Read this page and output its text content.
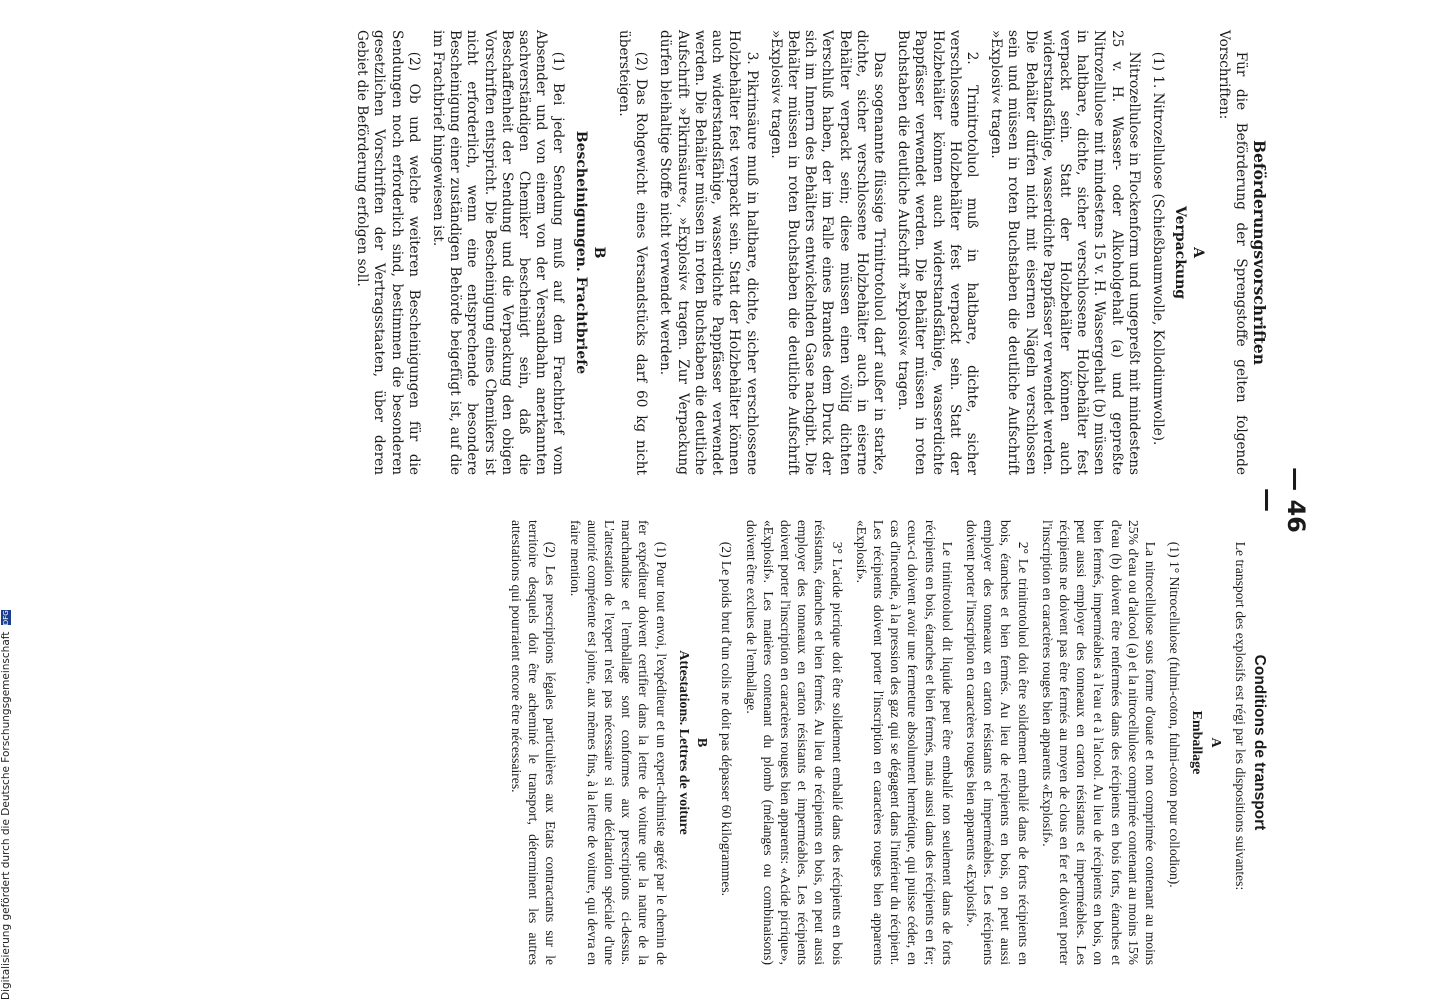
— 46 —
Beförderungsvorschriften

Für die Beförderung der Sprengstoffe gelten folgende Vorschriften:

A
Verpackung

(1) 1. Nitrozellulose (Schießbaumwolle, Kollodiumwolle).

Nitrozellulose in Flockenform und ungepreßt mit mindestens 25 v. H. Wasser- oder Alkoholgehalt (a) und gepreßte Nitrozellulose mit mindestens 15 v. H. Wassergehalt (b) müssen in haltbare, dichte, sicher verschlossene Holzbehälter fest verpackt sein. Statt der Holzbehälter können auch widerstandsfähige, wasserdichte Pappfässer verwendet werden. Die Behälter dürfen nicht mit eisernen Nägeln verschlossen sein und müssen in roten Buchstaben die deutliche Aufschrift »Explosiv« tragen.

2. Trinitrotoluol muß in haltbare, dichte, sicher verschlossene Holzbehälter fest verpackt sein. Statt der Holzbehälter können auch widerstandsfähige, wasserdichte Pappfässer verwendet werden. Die Behälter müssen in roten Buchstaben die deutliche Aufschrift »Explosiv« tragen.

Das sogenannte flüssige Trinitrotoluol darf außer in starke, dichte, sicher verschlossene Holzbehälter auch in eiserne Behälter verpackt sein; diese müssen einen völlig dichten Verschluß haben, der im Falle eines Brandes dem Druck der sich im Innern des Behälters entwickelnden Gase nachgibt. Die Behälter müssen in roten Buchstaben die deutliche Aufschrift »Explosiv« tragen.

3. Pikrinsäure muß in haltbare, dichte, sicher verschlossene Holzbehälter fest verpackt sein. Statt der Holzbehälter können auch widerstandsfähige, wasserdichte Pappfässer verwendet werden. Die Behälter müssen in roten Buchstaben die deutliche Aufschrift »Pikrinsäure«, »Explosiv« tragen. Zur Verpackung dürfen bleihaltige Stoffe nicht verwendet werden.

(2) Das Rohgewicht eines Versandstücks darf 60 kg nicht übersteigen.

B
Bescheinigungen. Frachtbriefe

(1) Bei jeder Sendung muß auf dem Frachtbrief vom Absender und von einem von der Versandbahn anerkannten sachverständigen Chemiker bescheinigt sein, daß die Beschaffenheit der Sendung und die Verpackung den obigen Vorschriften entspricht. Die Bescheinigung eines Chemikers ist nicht erforderlich, wenn eine entsprechende besondere Bescheinigung einer zuständigen Behörde beigefügt ist, auf die im Frachtbrief hingewiesen ist.

(2) Ob und welche weiteren Bescheinigungen für die Sendungen noch erforderlich sind, bestimmen die besonderen gesetzlichen Vorschriften der Vertragsstaaten, über deren Gebiet die Beförderung erfolgen soll.

Conditions de transport

Le transport des explosifs est régi par les dispositions suivantes:

A
Emballage

(1) 1° Nitrocellulose (fulmi-coton, fulmi-coton pour collodion).

La nitrocellulose sous forme d'ouate et non comprimée contenant au moins 25% d'eau ou d'alcool (a) et la nitrocellulose comprimée contenant au moins 15% d'eau (b) doivent être renfermées dans des récipients en bois forts, étanches et bien fermés, imperméables à l'eau et à l'alcool. Au lieu de récipients en bois, on peut aussi employer des tonneaux en carton résistants et imperméables. Les récipients ne doivent pas être fermés au moyen de clous en fer et doivent porter l'inscription en caractères rouges bien apparents «Explosif».

2° Le trinitrotoluol doit être solidement emballé dans de forts récipients en bois, étanches et bien fermés. Au lieu de récipients en bois, on peut aussi employer des tonneaux en carton résistants et imperméables. Les récipients doivent porter l'inscription en caractères rouges bien apparents «Explosif».

Le trinitrotoluol dit liquide peut être emballé non seulement dans de forts récipients en bois, étanches et bien fermés, mais aussi dans des récipients en fer; ceux-ci doivent avoir une fermeture absolument hermétique, qui puisse céder, en cas d'incendie, à la pression des gaz qui se dégagent dans l'intérieur du récipient. Les récipients doivent porter l'inscription en caractères rouges bien apparents «Explosif».

3° L'acide picrique doit être solidement emballé dans des récipients en bois résistants, étanches et bien fermés. Au lieu de récipients en bois, on peut aussi employer des tonneaux en carton résistants et imperméables. Les récipients doivent porter l'inscription en caractères rouges bien apparents: «Acide picrique», «Explosif». Les matières contenant du plomb (mélanges ou combinaisons) doivent être exclues de l'emballage.

(2) Le poids brut d'un colis ne doit pas dépasser 60 kilogrammes.

B
Attestations. Lettres de voiture

(1) Pour tout envoi, l'expéditeur et un expert-chimiste agréé par le chemin de fer expéditeur doivent certifier dans la lettre de voiture que la nature de la marchandise et l'emballage sont conformes aux prescriptions ci-dessus. L'attestation de l'expert n'est pas nécessaire si une déclaration spéciale d'une autorité compétente est jointe, aux mêmes fins, à la lettre de voiture, qui devra en faire mention.

(2) Les prescriptions légales particulières aux Etats contractants sur le territoire desquels doit être acheminé le transport, déterminent les autres attestations qui pourraient encore être nécessaires.

Digitalisierung gefördert durch die Deutsche Forschungsgemeinschaft DFG
